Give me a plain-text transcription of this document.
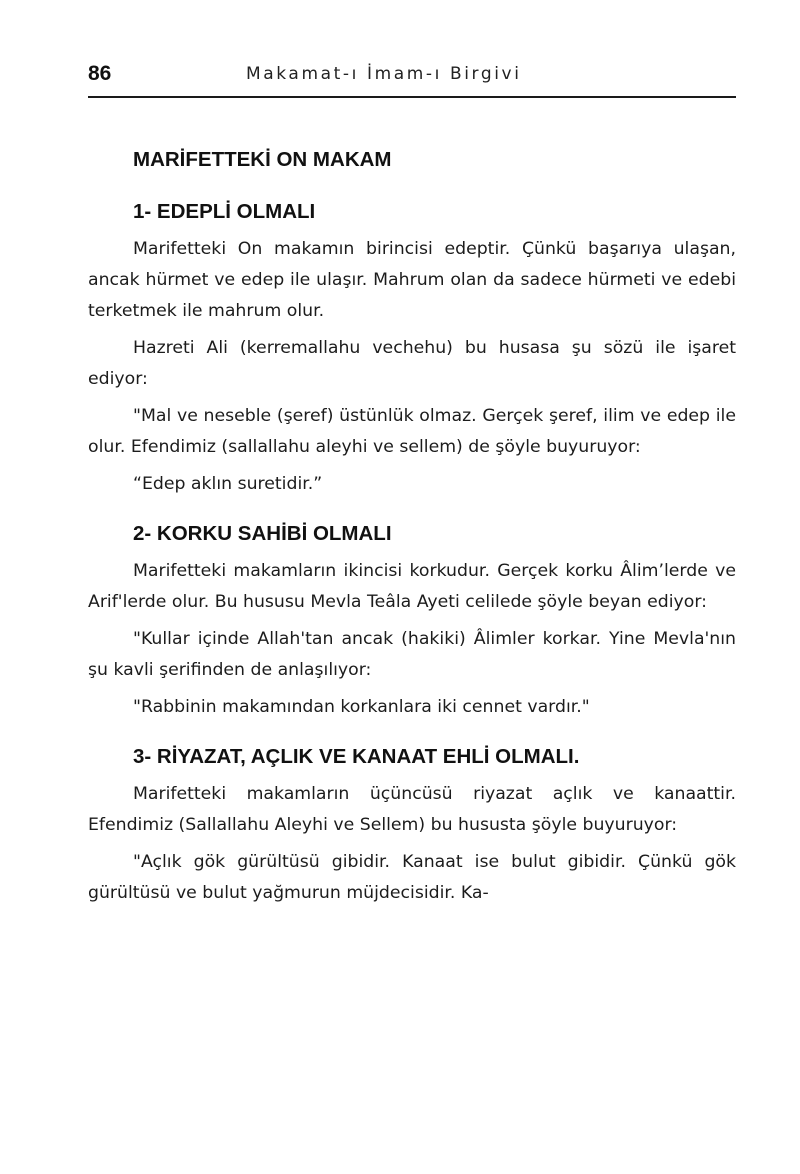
86	Makamat-ı İmam-ı Birgivi
MARİFETTEKİ ON MAKAM
1- EDEPLİ OLMALI

Marifetteki On makamın birincisi edeptir. Çünkü başarıya ulaşan, ancak hürmet ve edep ile ulaşır. Mahrum olan da sadece hürmeti ve edebi terketmek ile mahrum olur.

Hazreti Ali (kerremallahu vechehu) bu husasa şu sözü ile işaret ediyor:

"Mal ve neseble (şeref) üstünlük olmaz. Gerçek şeref, ilim ve edep ile olur. Efendimiz (sallallahu aleyhi ve sellem) de şöyle buyuruyor:

“Edep aklın suretidir.”

2- KORKU SAHİBİ OLMALI

Marifetteki makamların ikincisi korkudur. Gerçek korku Âlim’lerde ve Arif'lerde olur. Bu hususu Mevla Teâla Ayeti celilede şöyle beyan ediyor:

"Kullar içinde Allah'tan ancak (hakiki) Âlimler korkar. Yine Mevla'nın şu kavli şerifinden de anlaşılıyor:

"Rabbinin makamından korkanlara iki cennet vardır."

3- RİYAZAT, AÇLIK VE KANAAT EHLİ OLMALI.

Marifetteki makamların üçüncüsü riyazat açlık ve kanaattir. Efendimiz (Sallallahu Aleyhi ve Sellem) bu hususta şöyle buyuruyor:

"Açlık gök gürültüsü gibidir. Kanaat ise bulut gibidir. Çünkü gök gürültüsü ve bulut yağmurun müjdecisidir. Ka-
